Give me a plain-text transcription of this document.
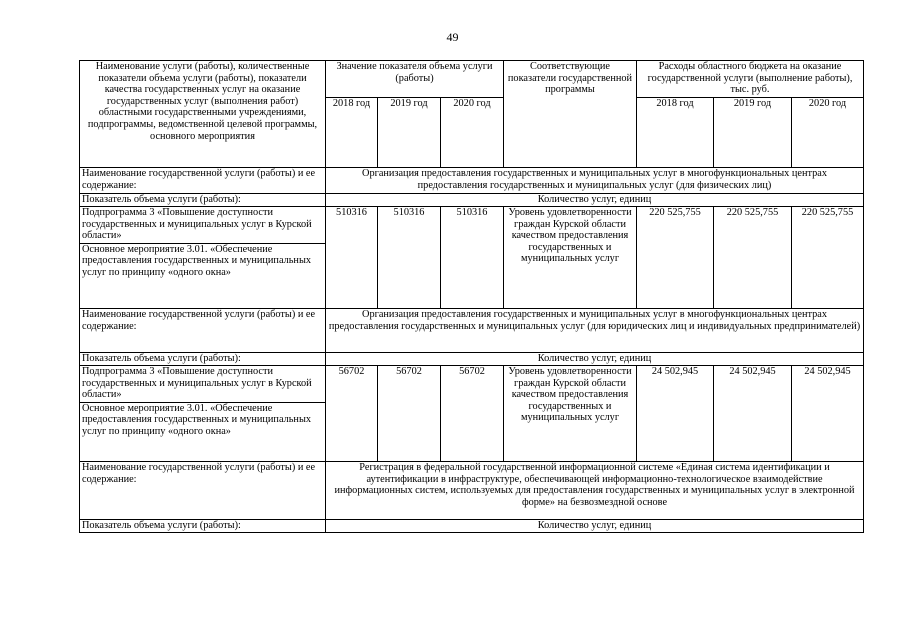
49
Наименование услуги (работы), количественные показатели объема услуги (работы), показатели качества государственных услуг на оказание государственных услуг (выполнения работ) областными государственными учреждениями, подпрограммы, ведомственной целевой программы, основного мероприятия	Значение показателя объема услуги (работы)			Соответствующие показатели государственной программы	Расходы областного бюджета на оказание государственной услуги (выполнение работы), тыс. руб.		
	2018 год	2019 год	2020 год		2018 год	2019 год	2020 год
Наименование государственной услуги (работы) и ее содержание:	Организация предоставления государственных и муниципальных услуг в многофункциональных центрах предоставления государственных и муниципальных услуг (для физических лиц)						
Показатель объема услуги (работы):	Количество услуг, единиц						

Подпрограмма 3 «Повышение доступности государственных и муниципальных услуг в Курской области»
Основное мероприятие 3.01. «Обеспечение предоставления государственных и муниципальных услуг по принципу «одного окна»	510316	510316	510316	Уровень удовлетворенности граждан Курской области качеством предоставления государственных и муниципальных услуг	220 525,755	220 525,755	220 525,755
Наименование государственной услуги (работы) и ее содержание:	Организация предоставления государственных и муниципальных услуг в многофункциональных центрах предоставления государственных и муниципальных услуг (для юридических лиц и индивидуальных предпринимателей)						
Показатель объема услуги (работы):	Количество услуг, единиц						

Подпрограмма 3 «Повышение доступности государственных и муниципальных услуг в Курской области»
Основное мероприятие 3.01. «Обеспечение предоставления государственных и муниципальных услуг по принципу «одного окна»	56702	56702	56702	Уровень удовлетворенности граждан Курской области качеством предоставления государственных и муниципальных услуг	24 502,945	24 502,945	24 502,945
Наименование государственной услуги (работы) и ее содержание:	Регистрация в федеральной государственной информационной системе «Единая система идентификации и аутентификации в инфраструктуре, обеспечивающей информационно-технологическое взаимодействие информационных систем, используемых для предоставления государственных и муниципальных услуг в электронной форме» на безвозмездной основе						
Показатель объема услуги (работы):	Количество услуг, единиц						
